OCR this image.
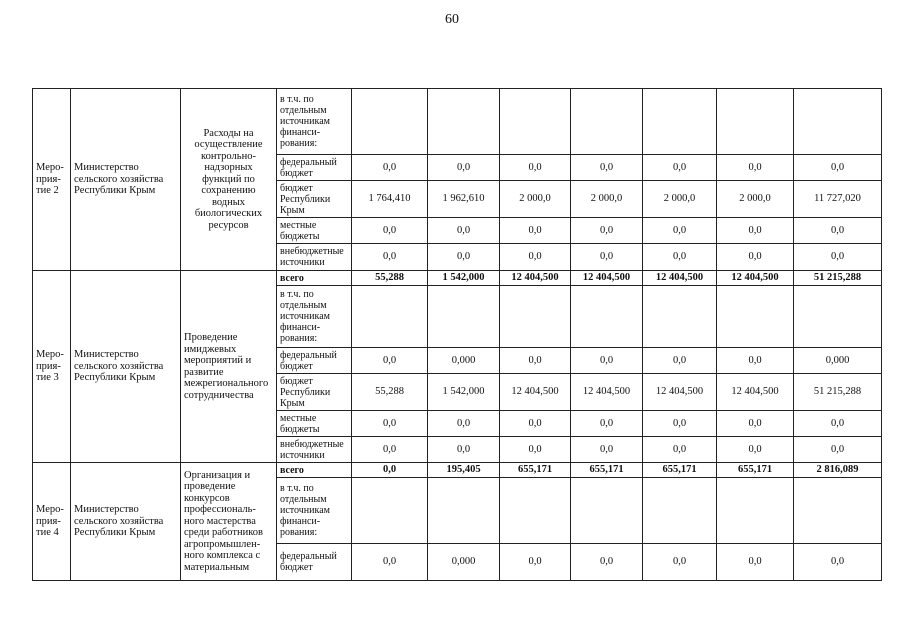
60
Меро-прия-тие 2	Министерство сельского хозяйства Республики Крым	Расходы на осуществление контрольно-надзорных функций по сохранению водных биологических ресурсов	в т.ч. по отдельным источникам финанси-рования:							
			федеральный бюджет	0,0	0,0	0,0	0,0	0,0	0,0	0,0
			бюджет Республики Крым	1 764,410	1 962,610	2 000,0	2 000,0	2 000,0	2 000,0	11 727,020
			местные бюджеты	0,0	0,0	0,0	0,0	0,0	0,0	0,0
			внебюджетные источники	0,0	0,0	0,0	0,0	0,0	0,0	0,0
Меро-прия-тие 3	Министерство сельского хозяйства Республики Крым	Проведение имиджевых мероприятий и развитие межрегионального сотрудничества	всего	55,288	1 542,000	12 404,500	12 404,500	12 404,500	12 404,500	51 215,288
			в т.ч. по отдельным источникам финанси-рования:							
			федеральный бюджет	0,0	0,000	0,0	0,0	0,0	0,0	0,000
			бюджет Республики Крым	55,288	1 542,000	12 404,500	12 404,500	12 404,500	12 404,500	51 215,288
			местные бюджеты	0,0	0,0	0,0	0,0	0,0	0,0	0,0
			внебюджетные источники	0,0	0,0	0,0	0,0	0,0	0,0	0,0
Меро-прия-тие 4	Министерство сельского хозяйства Республики Крым	Организация и проведение конкурсов профессиональ-ного мастерства среди работников агропромышлен-ного комплекса с материальным	всего	0,0	195,405	655,171	655,171	655,171	655,171	2 816,089
			в т.ч. по отдельным источникам финанси-рования:							
			федеральный бюджет	0,0	0,000	0,0	0,0	0,0	0,0	0,0
